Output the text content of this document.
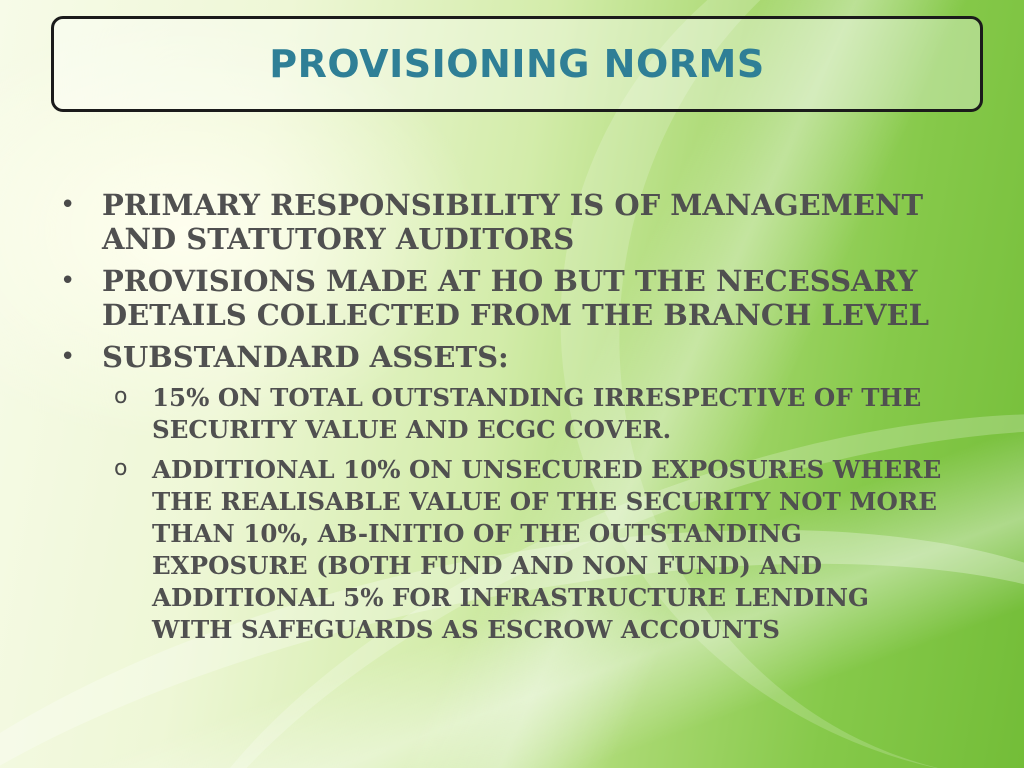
PROVISIONING NORMS
• PRIMARY RESPONSIBILITY IS OF MANAGEMENT AND STATUTORY AUDITORS
• PROVISIONS MADE AT HO BUT THE NECESSARY DETAILS COLLECTED FROM THE BRANCH LEVEL
• SUBSTANDARD ASSETS:
o	15% ON TOTAL OUTSTANDING IRRESPECTIVE OF THE SECURITY VALUE AND ECGC COVER.
o	ADDITIONAL 10% ON UNSECURED EXPOSURES WHERE THE REALISABLE VALUE OF THE SECURITY NOT MORE THAN 10%, AB-INITIO OF THE OUTSTANDING EXPOSURE (BOTH FUND AND NON FUND) AND ADDITIONAL 5% FOR INFRASTRUCTURE LENDING WITH SAFEGUARDS AS ESCROW ACCOUNTS
